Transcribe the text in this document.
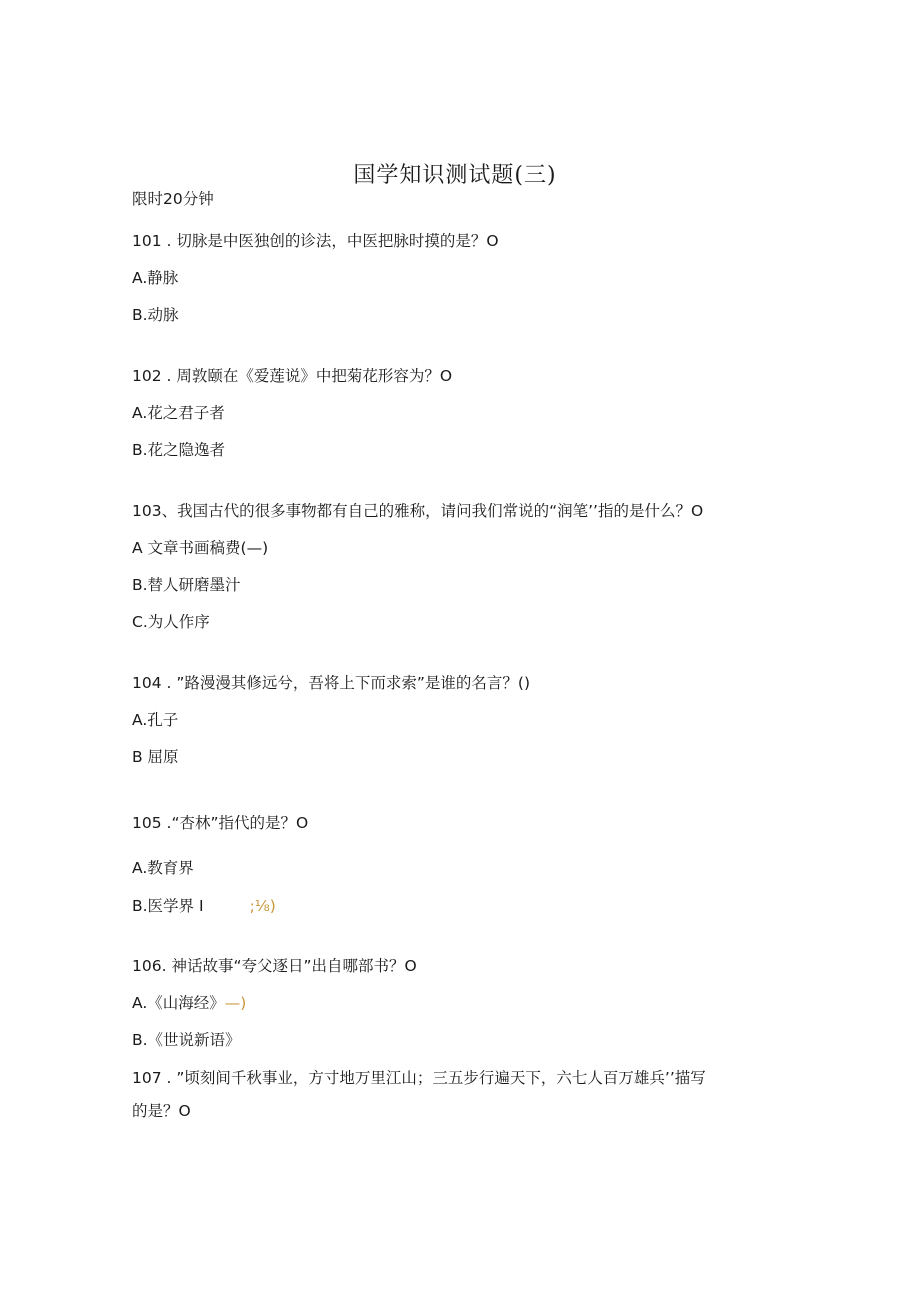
国学知识测试题(三)
限时20分钟
101 . 切脉是中医独创的诊法，中医把脉时摸的是？O
A.静脉
B.动脉
102 . 周敦颐在《爱莲说》中把菊花形容为？O
A.花之君子者
B.花之隐逸者
103、我国古代的很多事物都有自己的雅称，请问我们常说的“润笔’’指的是什么？O
A 文章书画稿费(—)
B.替人研磨墨汁
C.为人作序
104 . ”路漫漫其修远兮，吾将上下而求索”是谁的名言？()
A.孔子
B 屈原
105 .“杏林”指代的是？O
A.教育界
B.医学界 I	;⅛)
106. 神话故事“夸父逐日”出自哪部书？O
A.《山海经》—)
B.《世说新语》
107 . ”顷刻间千秋事业，方寸地万里江山；三五步行遍天下，六七人百万雄兵’’描写
的是？O
